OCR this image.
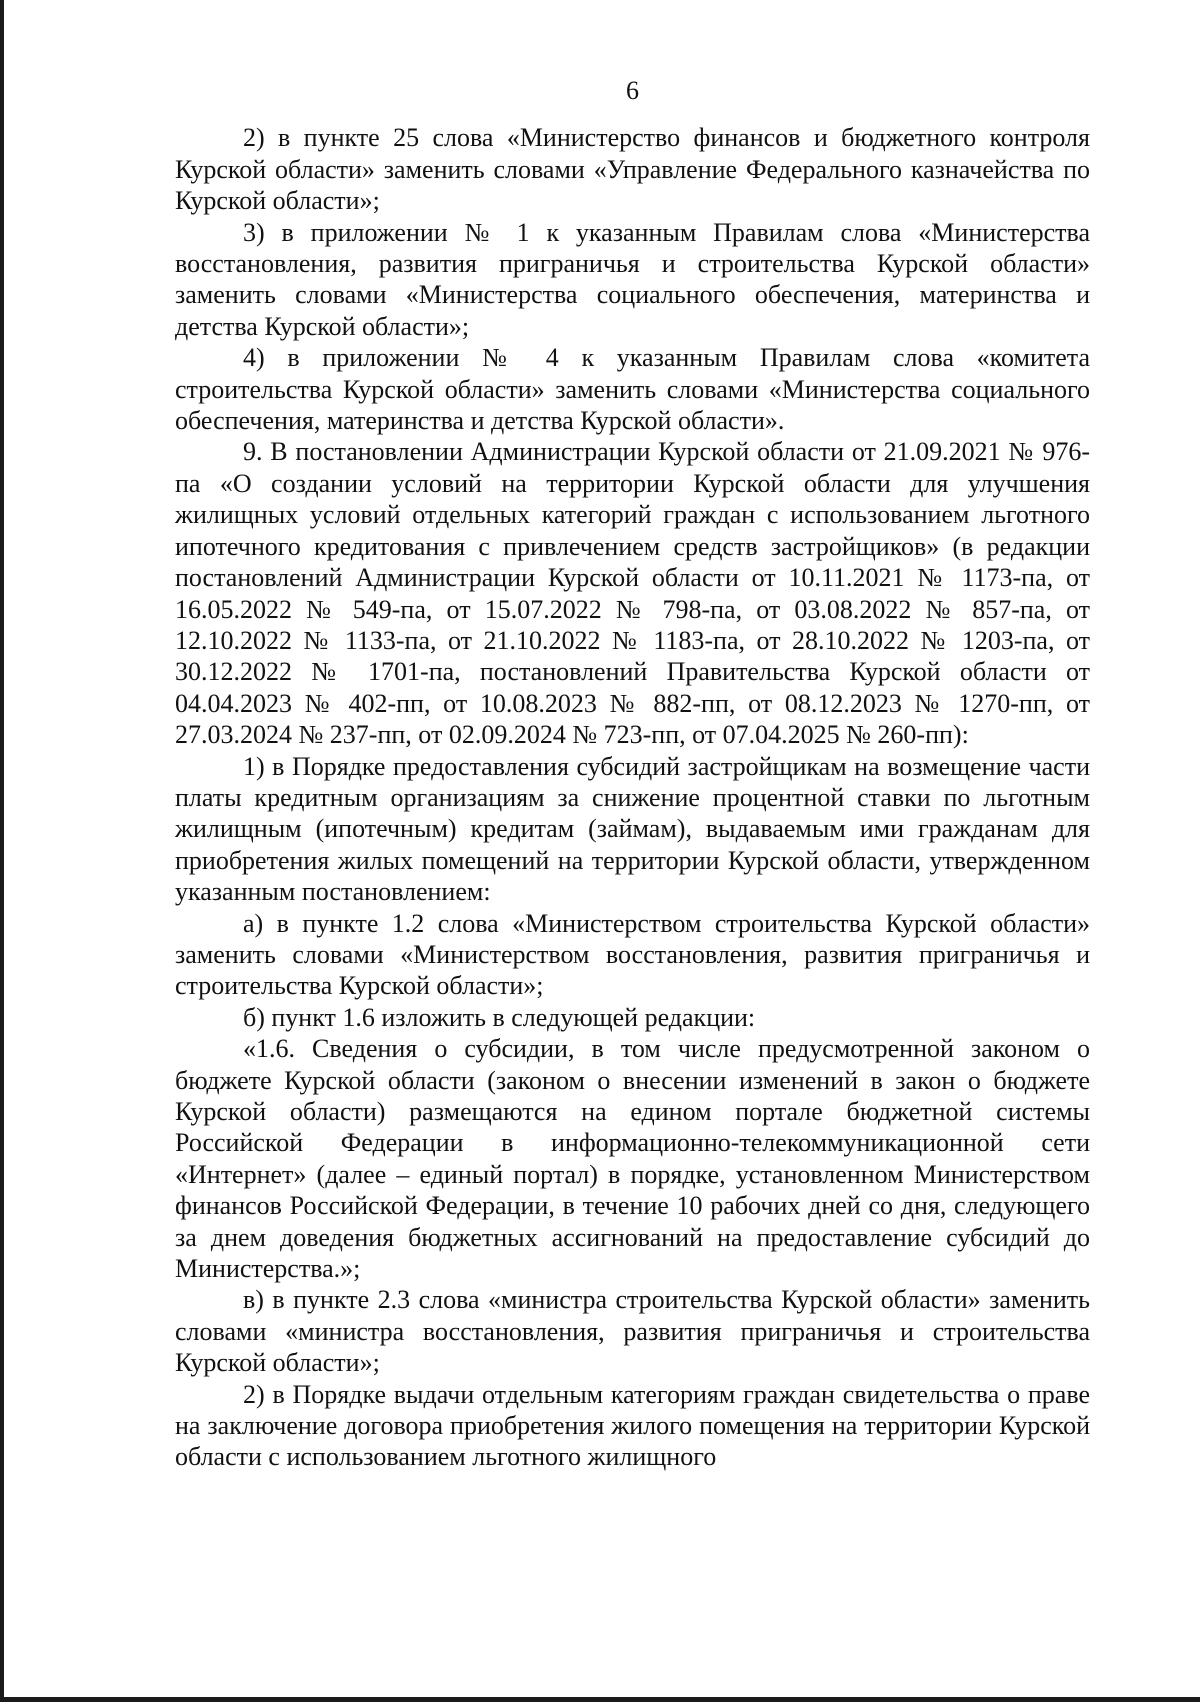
6

2) в пункте 25 слова «Министерство финансов и бюджетного контроля Курской области» заменить словами «Управление Федерального казначейства по Курской области»;

3) в приложении № 1 к указанным Правилам слова «Министерства восстановления, развития приграничья и строительства Курской области» заменить словами «Министерства социального обеспечения, материнства и детства Курской области»;

4) в приложении № 4 к указанным Правилам слова «комитета строительства Курской области» заменить словами «Министерства социального обеспечения, материнства и детства Курской области».

9. В постановлении Администрации Курской области от 21.09.2021 № 976-па «О создании условий на территории Курской области для улучшения жилищных условий отдельных категорий граждан с использованием льготного ипотечного кредитования с привлечением средств застройщиков» (в редакции постановлений Администрации Курской области от 10.11.2021 № 1173-па, от 16.05.2022 № 549-па, от 15.07.2022 № 798-па, от 03.08.2022 № 857-па, от 12.10.2022 № 1133-па, от 21.10.2022 № 1183-па, от 28.10.2022 № 1203-па, от 30.12.2022 № 1701-па, постановлений Правительства Курской области от 04.04.2023 № 402-пп, от 10.08.2023 № 882-пп, от 08.12.2023 № 1270-пп, от 27.03.2024 № 237-пп, от 02.09.2024 № 723-пп, от 07.04.2025 № 260-пп):

1) в Порядке предоставления субсидий застройщикам на возмещение части платы кредитным организациям за снижение процентной ставки по льготным жилищным (ипотечным) кредитам (займам), выдаваемым ими гражданам для приобретения жилых помещений на территории Курской области, утвержденном указанным постановлением:

а) в пункте 1.2 слова «Министерством строительства Курской области» заменить словами «Министерством восстановления, развития приграничья и строительства Курской области»;

б) пункт 1.6 изложить в следующей редакции:

«1.6. Сведения о субсидии, в том числе предусмотренной законом о бюджете Курской области (законом о внесении изменений в закон о бюджете Курской области) размещаются на едином портале бюджетной системы Российской Федерации в информационно-телекоммуникационной сети «Интернет» (далее – единый портал) в порядке, установленном Министерством финансов Российской Федерации, в течение 10 рабочих дней со дня, следующего за днем доведения бюджетных ассигнований на предоставление субсидий до Министерства.»;

в) в пункте 2.3 слова «министра строительства Курской области» заменить словами «министра восстановления, развития приграничья и строительства Курской области»;

2) в Порядке выдачи отдельным категориям граждан свидетельства о праве на заключение договора приобретения жилого помещения на территории Курской области с использованием льготного жилищного
